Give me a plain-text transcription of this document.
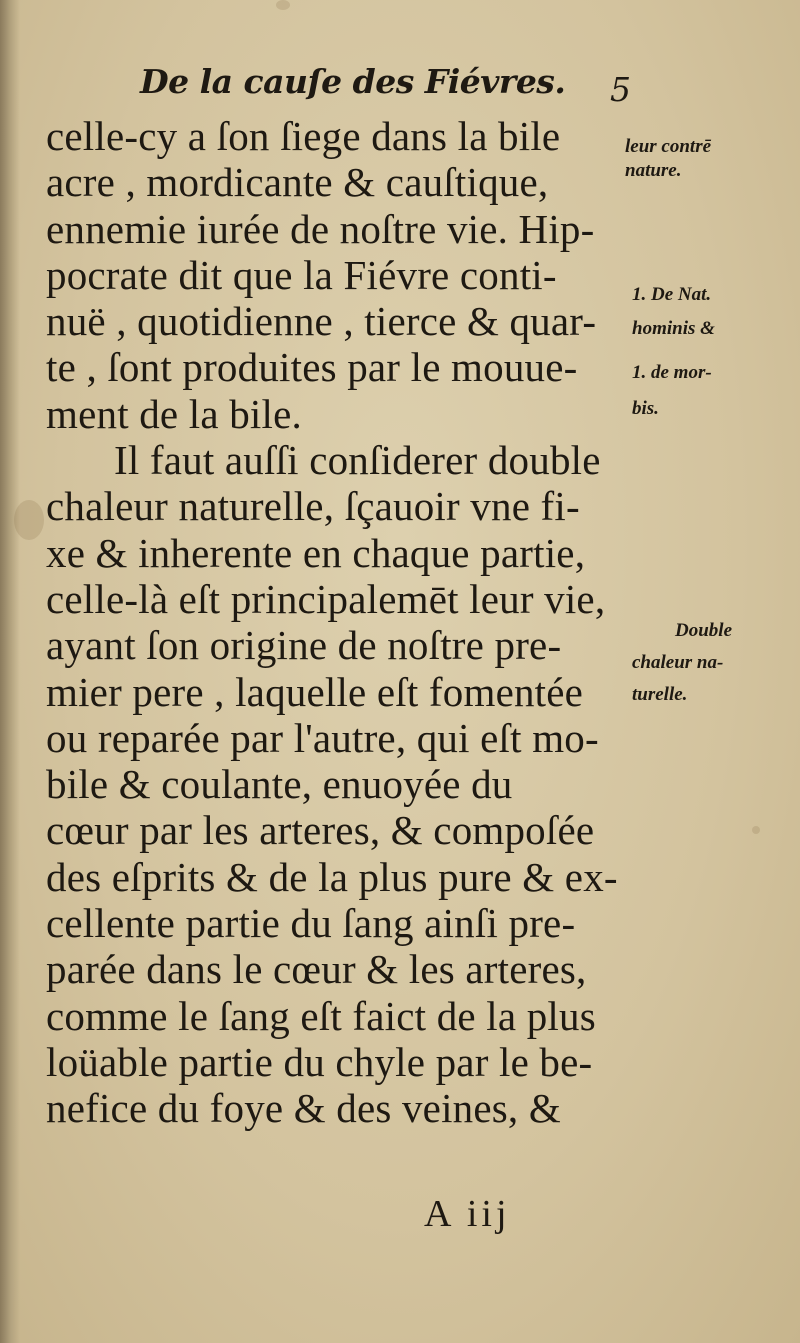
De la cauſe des Fiévres. 5
celle-cy a ſon ſiege dans la bile
acre , mordicante & cauſtique,
ennemie iurée de noſtre vie. Hip-
pocrate dit que la Fiévre conti-
nuë , quotidienne , tierce & quar-
te , ſont produites par le mouue-
ment de la bile.
Il faut auſſi conſiderer double
chaleur naturelle, ſçauoir vne fi-
xe & inherente en chaque partie,
celle-là eſt principalemēt leur vie,
ayant ſon origine de noſtre pre-
mier pere , laquelle eſt fomentée
ou reparée par l'autre, qui eſt mo-
bile & coulante, enuoyée du
cœur par les arteres, & compoſée
des eſprits & de la plus pure & ex-
cellente partie du ſang ainſi pre-
parée dans le cœur & les arteres,
comme le ſang eſt faict de la plus
loüable partie du chyle par le be-
nefice du foye & des veines, &
leur contrē
nature.
1. De Nat.
hominis &
1. de mor-
bis.
Double
chaleur na-
turelle.
A iij
